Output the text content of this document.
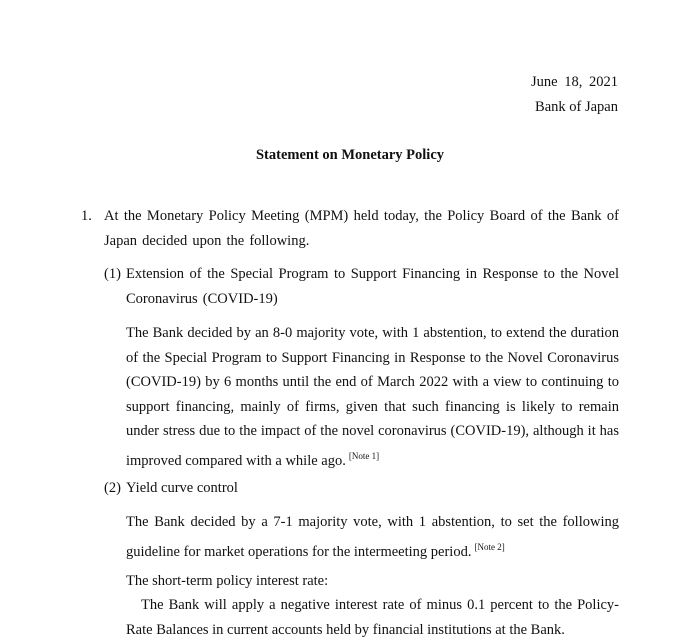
June 18, 2021

Bank of Japan

Statement on Monetary Policy
1. At the Monetary Policy Meeting (MPM) held today, the Policy Board of the Bank of Japan decided upon the following.

(1) Extension of the Special Program to Support Financing in Response to the Novel Coronavirus (COVID-19)

The Bank decided by an 8-0 majority vote, with 1 abstention, to extend the duration of the Special Program to Support Financing in Response to the Novel Coronavirus (COVID-19) by 6 months until the end of March 2022 with a view to continuing to support financing, mainly of firms, given that such financing is likely to remain under stress due to the impact of the novel coronavirus (COVID-19), although it has improved compared with a while ago. [Note 1]

(2) Yield curve control

The Bank decided by a 7-1 majority vote, with 1 abstention, to set the following guideline for market operations for the intermeeting period. [Note 2]

The short-term policy interest rate:

The Bank will apply a negative interest rate of minus 0.1 percent to the Policy-Rate Balances in current accounts held by financial institutions at the Bank.
